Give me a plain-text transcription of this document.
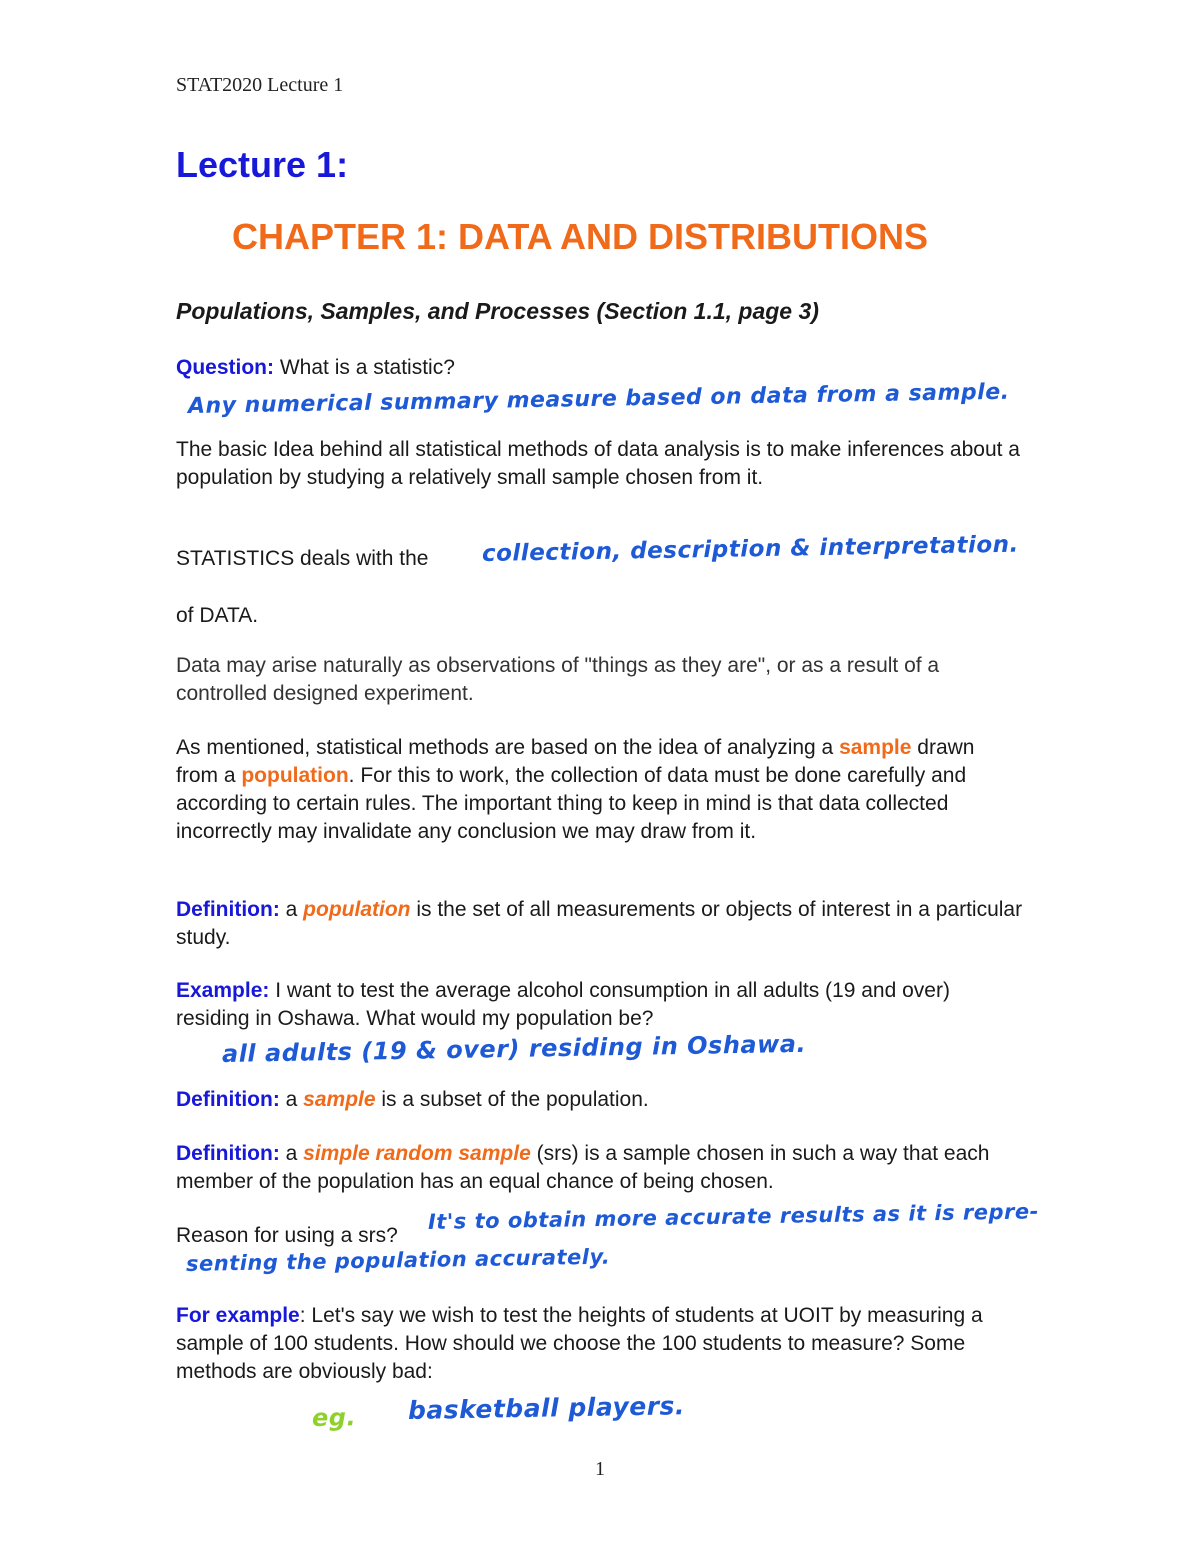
STAT2020 Lecture 1

Lecture 1:
CHAPTER 1: DATA AND DISTRIBUTIONS
Populations, Samples, and Processes (Section 1.1, page 3)

Question: What is a statistic?

Any numerical summary measure based on data from a sample.

The basic Idea behind all statistical methods of data analysis is to make inferences about a population by studying a relatively small sample chosen from it.

STATISTICS deals with the	collection, description & interpretation.

of DATA.

Data may arise naturally as observations of "things as they are", or as a result of a controlled designed experiment.

As mentioned, statistical methods are based on the idea of analyzing a sample drawn from a population. For this to work, the collection of data must be done carefully and according to certain rules. The important thing to keep in mind is that data collected incorrectly may invalidate any conclusion we may draw from it.

Definition: a population is the set of all measurements or objects of interest in a particular study.

Example: I want to test the average alcohol consumption in all adults (19 and over) residing in Oshawa. What would my population be?

all adults (19 & over) residing in Oshawa.

Definition: a sample is a subset of the population.

Definition: a simple random sample (srs) is a sample chosen in such a way that each member of the population has an equal chance of being chosen.

Reason for using a srs?

It's to obtain more accurate results as it is repre-

senting the population accurately.

For example: Let's say we wish to test the heights of students at UOIT by measuring a sample of 100 students. How should we choose the 100 students to measure? Some methods are obviously bad:

eg. basketball players.

1
